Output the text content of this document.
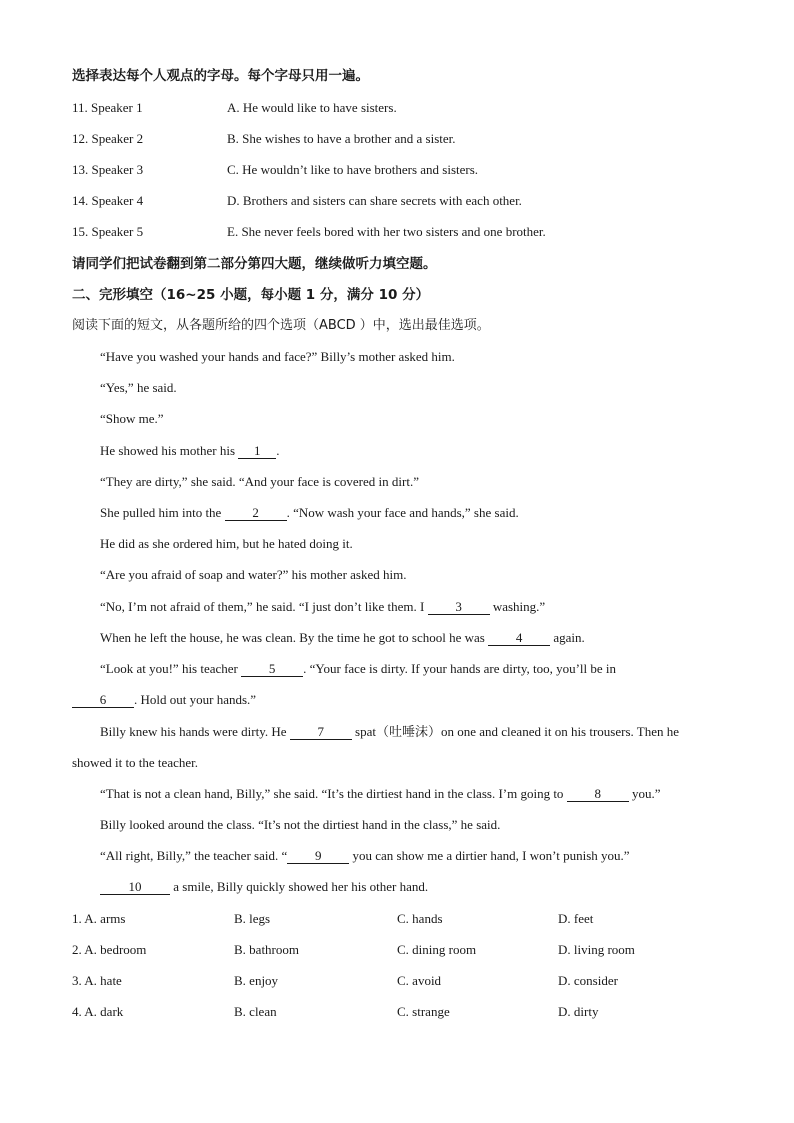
选择表达每个人观点的字母。每个字母只用一遍。
11. Speaker 1	A. He would like to have sisters.
12. Speaker 2	B. She wishes to have a brother and a sister.
13. Speaker 3	C. He wouldn’t like to have brothers and sisters.
14. Speaker 4	D. Brothers and sisters can share secrets with each other.
15. Speaker 5	E. She never feels bored with her two sisters and one brother.
请同学们把试卷翻到第二部分第四大题，继续做听力填空题。
二、完形填空（16~25 小题，每小题 1 分，满分 10 分）
阅读下面的短文，从各题所给的四个选项（ABCD ）中，选出最佳选项。
“Have you washed your hands and face?” Billy’s mother asked him.
“Yes,” he said.
“Show me.”
He showed his mother his 1 .
“They are dirty,” she said. “And your face is covered in dirt.”
She pulled him into the 2 . “Now wash your face and hands,” she said.
He did as she ordered him, but he hated doing it.
“Are you afraid of soap and water?” his mother asked him.
“No, I’m not afraid of them,” he said. “I just don’t like them. I 3 washing.”
When he left the house, he was clean. By the time he got to school he was 4 again.
“Look at you!” his teacher 5 . “Your face is dirty. If your hands are dirty, too, you’ll be in
6 . Hold out your hands.”
Billy knew his hands were dirty. He 7 spat（吐唾沫）on one and cleaned it on his trousers. Then he
showed it to the teacher.
“That is not a clean hand, Billy,” she said. “It’s the dirtiest hand in the class. I’m going to 8 you.”
Billy looked around the class. “It’s not the dirtiest hand in the class,” he said.
“All right, Billy,” the teacher said. “ 9 you can show me a dirtier hand, I won’t punish you.”
10 a smile, Billy quickly showed her his other hand.
1. A. arms	B. legs	C. hands	D. feet
2. A. bedroom	B. bathroom	C. dining room	D. living room
3. A. hate	B. enjoy	C. avoid	D. consider
4. A. dark	B. clean	C. strange	D. dirty
